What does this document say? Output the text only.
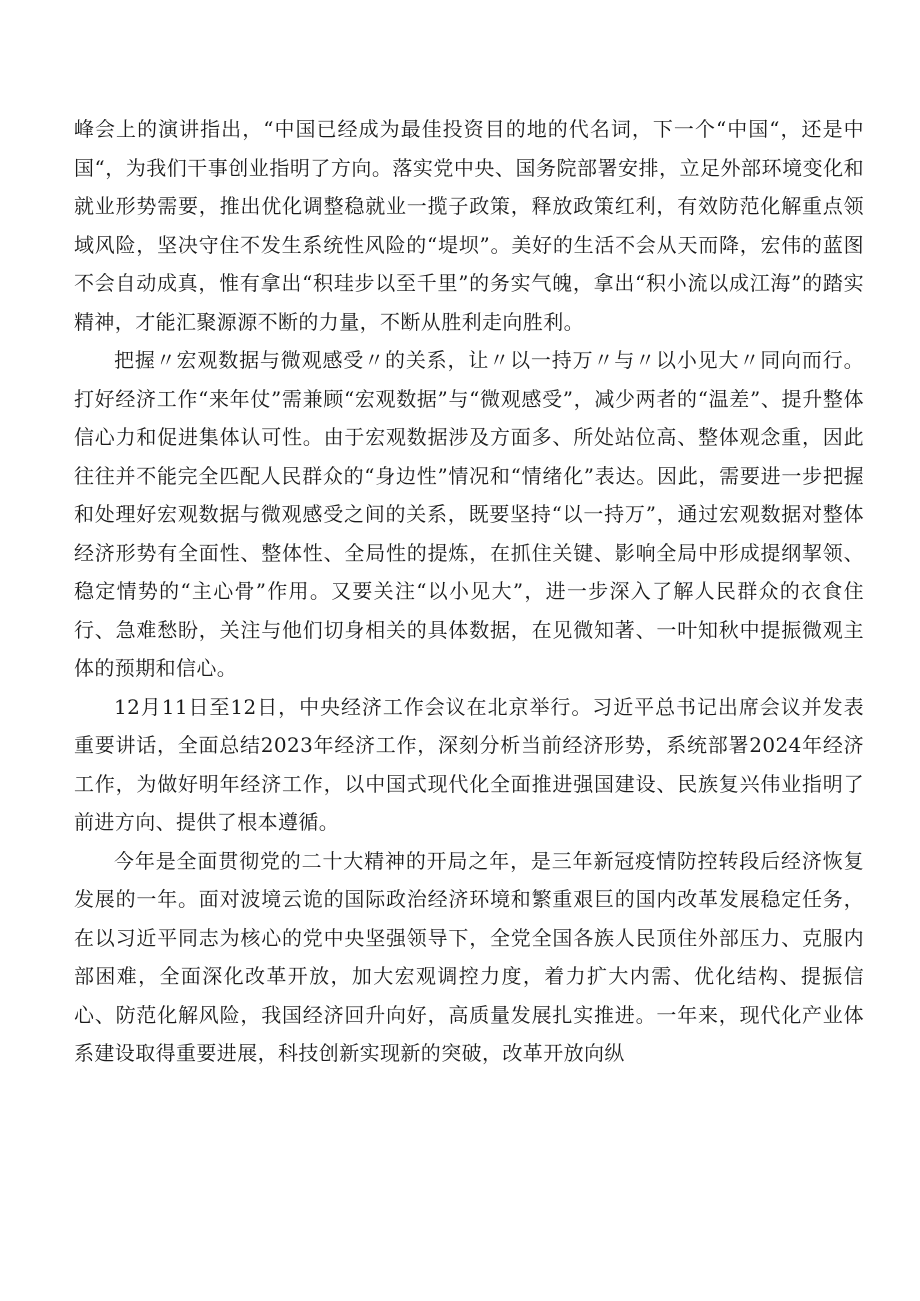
峰会上的演讲指出，“中国已经成为最佳投资目的地的代名词，下一个“中国“，还是中国“，为我们干事创业指明了方向。落实党中央、国务院部署安排，立足外部环境变化和就业形势需要，推出优化调整稳就业一揽子政策，释放政策红利，有效防范化解重点领域风险，坚决守住不发生系统性风险的“堤坝”。美好的生活不会从天而降，宏伟的蓝图不会自动成真，惟有拿出“积珪步以至千里”的务实气魄，拿出“积小流以成江海”的踏实精神，才能汇聚源源不断的力量，不断从胜利走向胜利。

把握〃宏观数据与微观感受〃的关系，让〃以一持万〃与〃以小见大〃同向而行。打好经济工作“来年仗”需兼顾“宏观数据”与“微观感受”，减少两者的“温差”、提升整体信心力和促进集体认可性。由于宏观数据涉及方面多、所处站位高、整体观念重，因此往往并不能完全匹配人民群众的“身边性”情况和“情绪化”表达。因此，需要进一步把握和处理好宏观数据与微观感受之间的关系，既要坚持“以一持万”，通过宏观数据对整体经济形势有全面性、整体性、全局性的提炼，在抓住关键、影响全局中形成提纲挈领、稳定情势的“主心骨”作用。又要关注“以小见大”，进一步深入了解人民群众的衣食住行、急难愁盼，关注与他们切身相关的具体数据，在见微知著、一叶知秋中提振微观主体的预期和信心。

12月11日至12日，中央经济工作会议在北京举行。习近平总书记出席会议并发表重要讲话，全面总结2023年经济工作，深刻分析当前经济形势，系统部署2024年经济工作，为做好明年经济工作，以中国式现代化全面推进强国建设、民族复兴伟业指明了前进方向、提供了根本遵循。

今年是全面贯彻党的二十大精神的开局之年，是三年新冠疫情防控转段后经济恢复发展的一年。面对波境云诡的国际政治经济环境和繁重艰巨的国内改革发展稳定任务，在以习近平同志为核心的党中央坚强领导下，全党全国各族人民顶住外部压力、克服内部困难，全面深化改革开放，加大宏观调控力度，着力扩大内需、优化结构、提振信心、防范化解风险，我国经济回升向好，高质量发展扎实推进。一年来，现代化产业体系建设取得重要进展，科技创新实现新的突破，改革开放向纵
